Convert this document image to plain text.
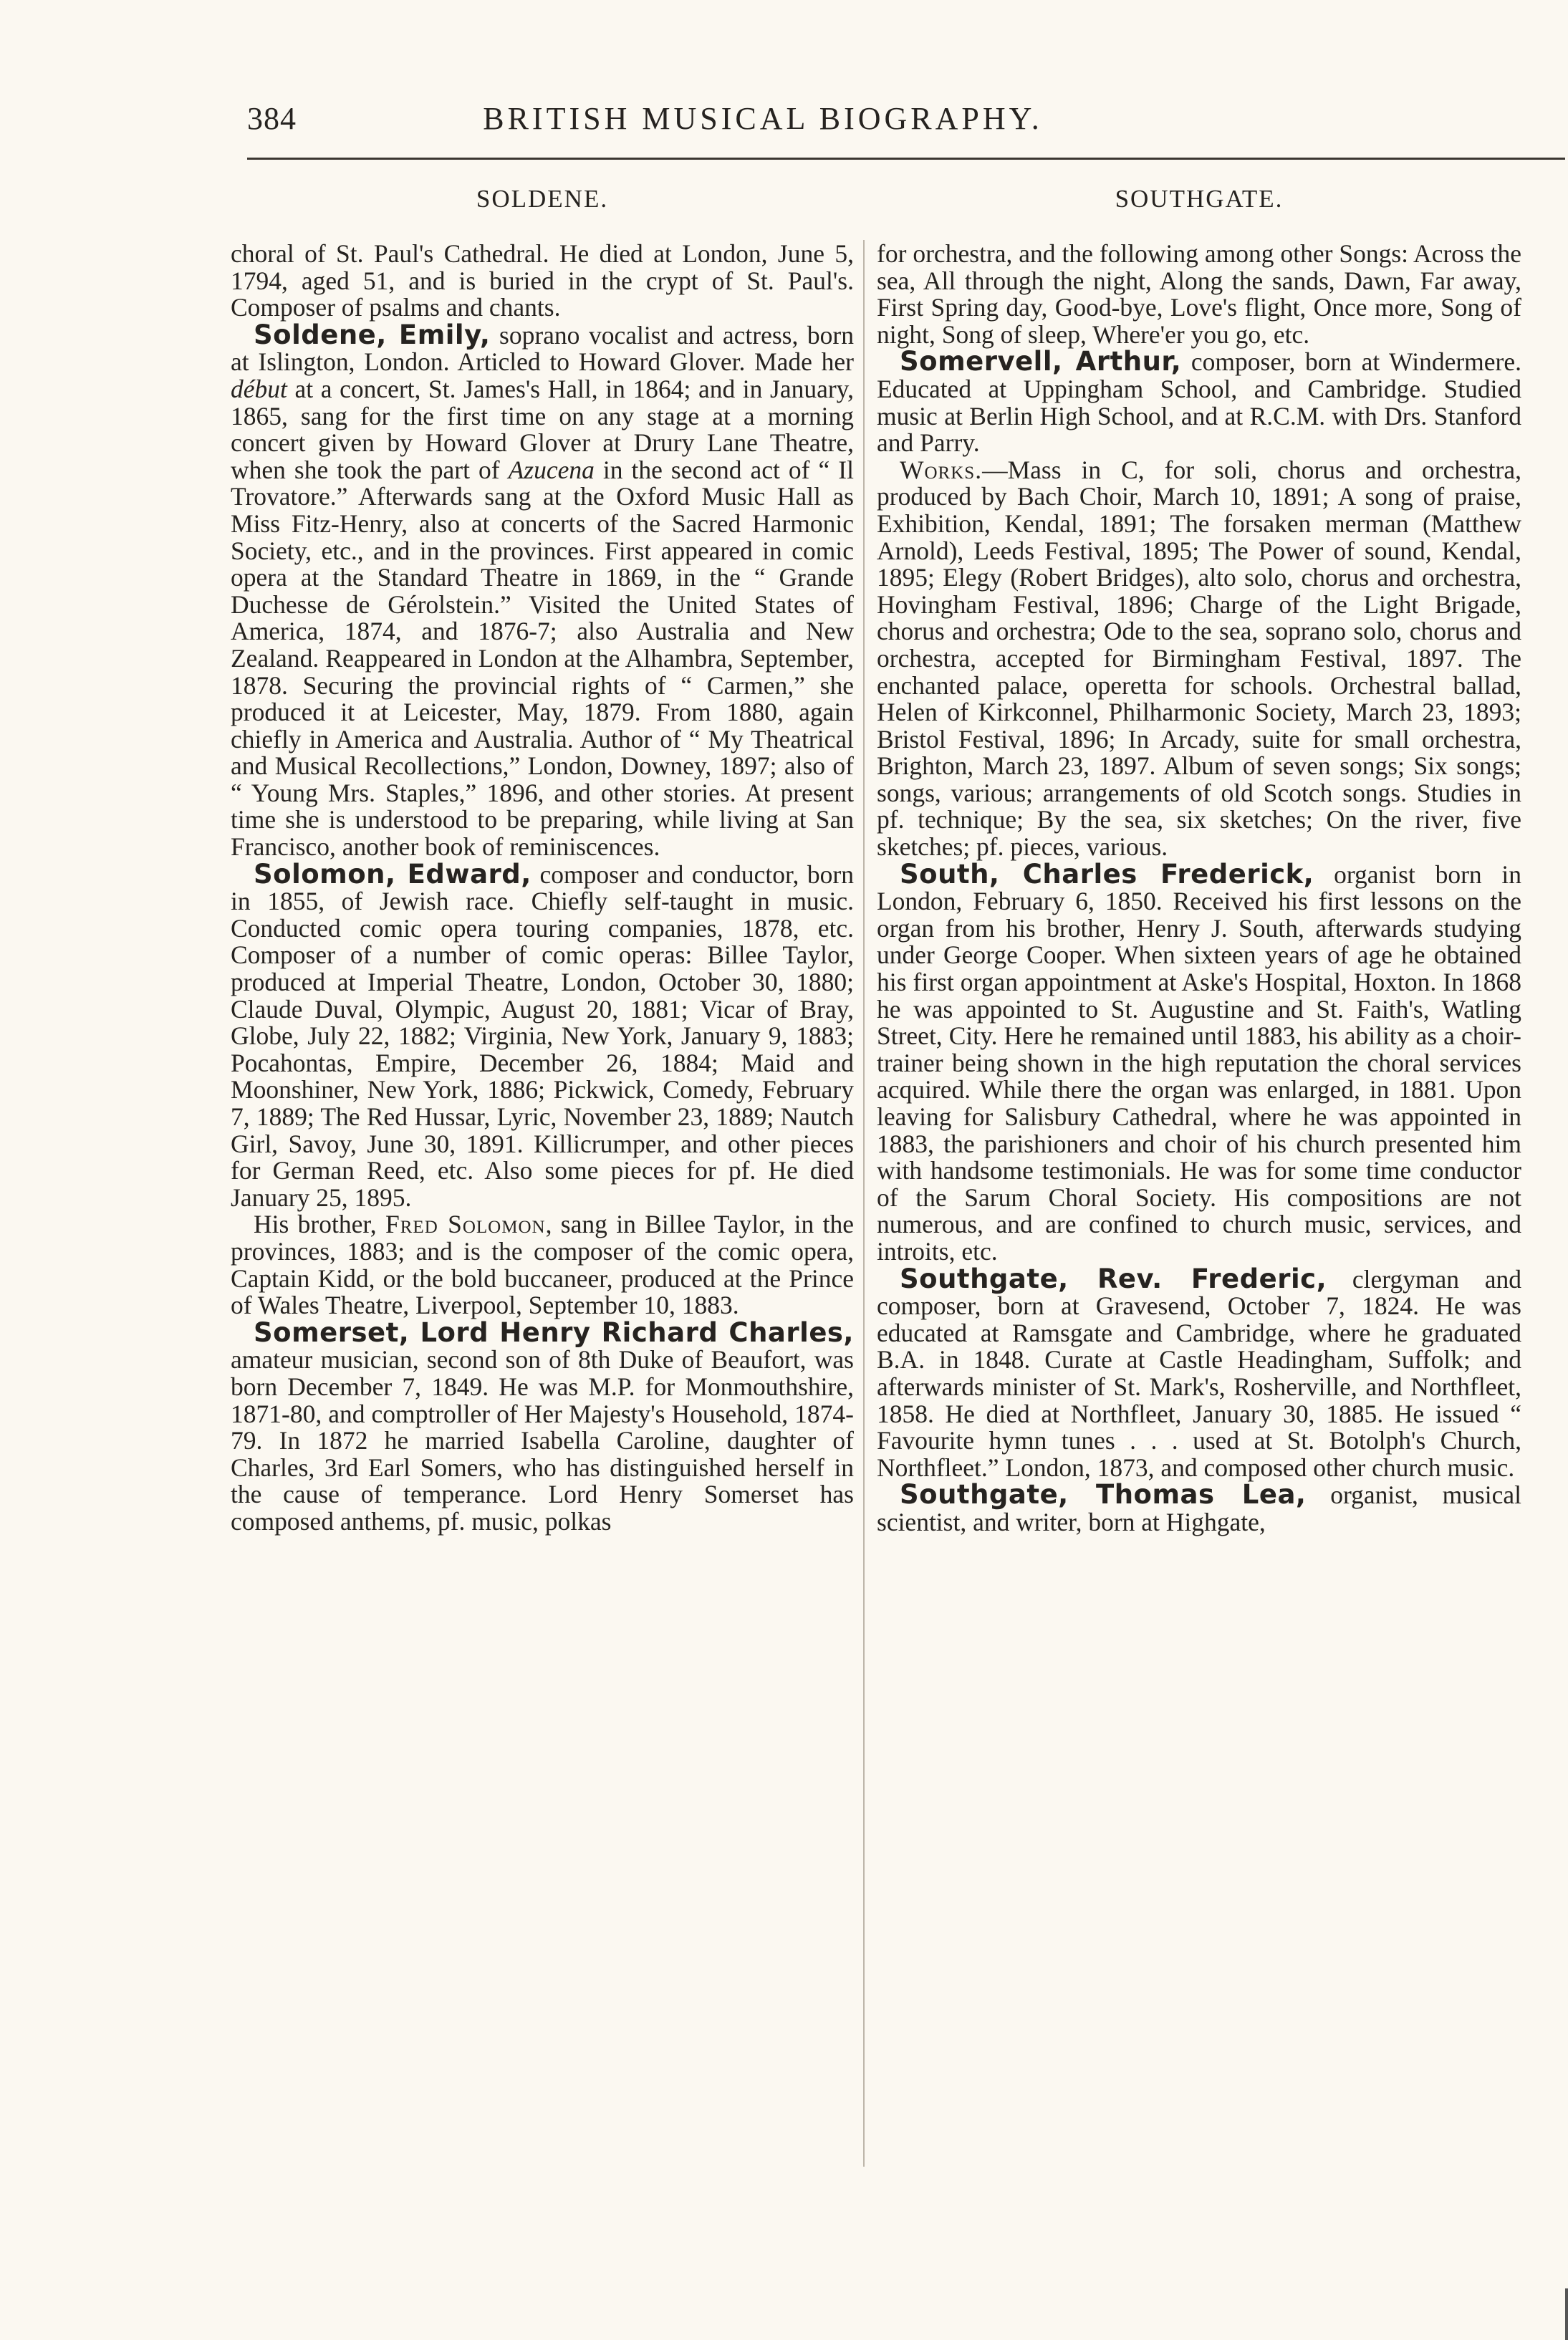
384	BRITISH MUSICAL BIOGRAPHY.
SOLDENE.

choral of St. Paul's Cathedral. He died at London, June 5, 1794, aged 51, and is buried in the crypt of St. Paul's. Composer of psalms and chants.

Soldene, Emily, soprano vocalist and actress, born at Islington, London. Articled to Howard Glover. Made her début at a concert, St. James's Hall, in 1864; and in January, 1865, sang for the first time on any stage at a morning concert given by Howard Glover at Drury Lane Theatre, when she took the part of Azucena in the second act of “ Il Trovatore.” Afterwards sang at the Oxford Music Hall as Miss Fitz-Henry, also at concerts of the Sacred Harmonic Society, etc., and in the provinces. First appeared in comic opera at the Standard Theatre in 1869, in the “ Grande Duchesse de Gérolstein.” Visited the United States of America, 1874, and 1876-7; also Australia and New Zealand. Reappeared in London at the Alhambra, September, 1878. Securing the provincial rights of “ Carmen,” she produced it at Leicester, May, 1879. From 1880, again chiefly in America and Australia. Author of “ My Theatrical and Musical Recollections,” London, Downey, 1897; also of “ Young Mrs. Staples,” 1896, and other stories. At present time she is understood to be preparing, while living at San Francisco, another book of reminiscences.

Solomon, Edward, composer and conductor, born in 1855, of Jewish race. Chiefly self-taught in music. Conducted comic opera touring companies, 1878, etc. Composer of a number of comic operas: Billee Taylor, produced at Imperial Theatre, London, October 30, 1880; Claude Duval, Olympic, August 20, 1881; Vicar of Bray, Globe, July 22, 1882; Virginia, New York, January 9, 1883; Pocahontas, Empire, December 26, 1884; Maid and Moonshiner, New York, 1886; Pickwick, Comedy, February 7, 1889; The Red Hussar, Lyric, November 23, 1889; Nautch Girl, Savoy, June 30, 1891. Killicrumper, and other pieces for German Reed, etc. Also some pieces for pf. He died January 25, 1895.

His brother, Fred Solomon, sang in Billee Taylor, in the provinces, 1883; and is the composer of the comic opera, Captain Kidd, or the bold buccaneer, produced at the Prince of Wales Theatre, Liverpool, September 10, 1883.

Somerset, Lord Henry Richard Charles, amateur musician, second son of 8th Duke of Beaufort, was born December 7, 1849. He was M.P. for Monmouthshire, 1871-80, and comptroller of Her Majesty's Household, 1874-79. In 1872 he married Isabella Caroline, daughter of Charles, 3rd Earl Somers, who has distinguished herself in the cause of temperance. Lord Henry Somerset has composed anthems, pf. music, polkas

SOUTHGATE.

for orchestra, and the following among other Songs: Across the sea, All through the night, Along the sands, Dawn, Far away, First Spring day, Good-bye, Love's flight, Once more, Song of night, Song of sleep, Where'er you go, etc.

Somervell, Arthur, composer, born at Windermere. Educated at Uppingham School, and Cambridge. Studied music at Berlin High School, and at R.C.M. with Drs. Stanford and Parry.

Works.—Mass in C, for soli, chorus and orchestra, produced by Bach Choir, March 10, 1891; A song of praise, Exhibition, Kendal, 1891; The forsaken merman (Matthew Arnold), Leeds Festival, 1895; The Power of sound, Kendal, 1895; Elegy (Robert Bridges), alto solo, chorus and orchestra, Hovingham Festival, 1896; Charge of the Light Brigade, chorus and orchestra; Ode to the sea, soprano solo, chorus and orchestra, accepted for Birmingham Festival, 1897. The enchanted palace, operetta for schools. Orchestral ballad, Helen of Kirkconnel, Philharmonic Society, March 23, 1893; Bristol Festival, 1896; In Arcady, suite for small orchestra, Brighton, March 23, 1897. Album of seven songs; Six songs; songs, various; arrangements of old Scotch songs. Studies in pf. technique; By the sea, six sketches; On the river, five sketches; pf. pieces, various.

South, Charles Frederick, organist born in London, February 6, 1850. Received his first lessons on the organ from his brother, Henry J. South, afterwards studying under George Cooper. When sixteen years of age he obtained his first organ appointment at Aske's Hospital, Hoxton. In 1868 he was appointed to St. Augustine and St. Faith's, Watling Street, City. Here he remained until 1883, his ability as a choir-trainer being shown in the high reputation the choral services acquired. While there the organ was enlarged, in 1881. Upon leaving for Salisbury Cathedral, where he was appointed in 1883, the parishioners and choir of his church presented him with handsome testimonials. He was for some time conductor of the Sarum Choral Society. His compositions are not numerous, and are confined to church music, services, and introits, etc.

Southgate, Rev. Frederic, clergyman and composer, born at Gravesend, October 7, 1824. He was educated at Ramsgate and Cambridge, where he graduated B.A. in 1848. Curate at Castle Headingham, Suffolk; and afterwards minister of St. Mark's, Rosherville, and Northfleet, 1858. He died at Northfleet, January 30, 1885. He issued “ Favourite hymn tunes . . . used at St. Botolph's Church, Northfleet.” London, 1873, and composed other church music.

Southgate, Thomas Lea, organist, musical scientist, and writer, born at Highgate,
